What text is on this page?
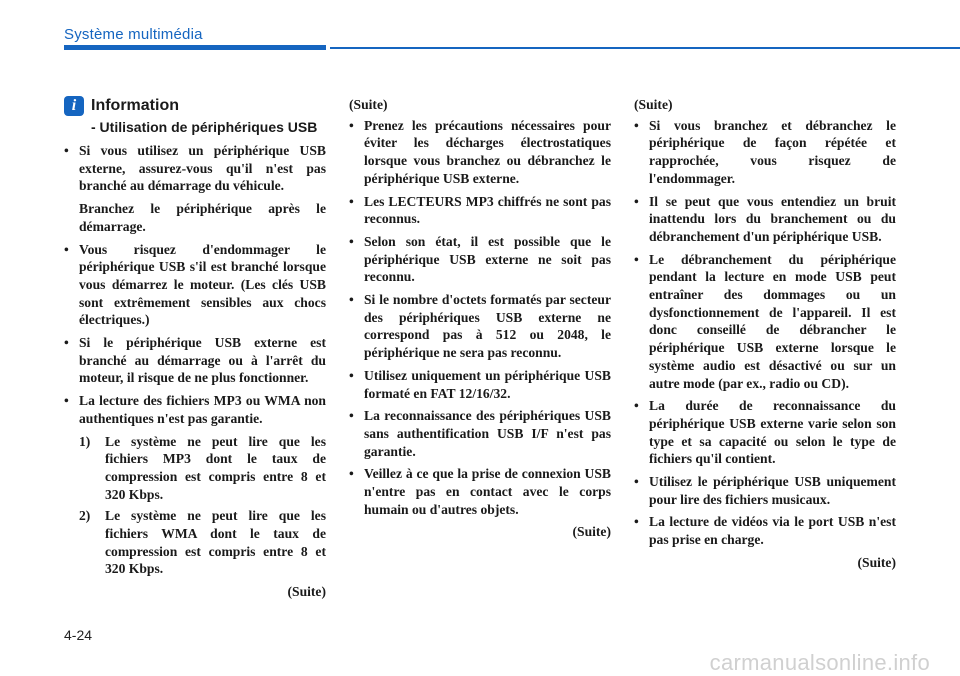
Système multimédia
i Information
- Utilisation de périphériques USB
• Si vous utilisez un périphérique USB externe, assurez-vous qu'il n'est pas branché au démarrage du véhicule.
Branchez le périphérique après le démarrage.
• Vous risquez d'endommager le périphérique USB s'il est branché lorsque vous démarrez le moteur. (Les clés USB sont extrêmement sensibles aux chocs électriques.)
• Si le périphérique USB externe est branché au démarrage ou à l'arrêt du moteur, il risque de ne plus fonctionner.
• La lecture des fichiers MP3 ou WMA non authentiques n'est pas garantie.
1) Le système ne peut lire que les fichiers MP3 dont le taux de compression est compris entre 8 et 320 Kbps.
2) Le système ne peut lire que les fichiers WMA dont le taux de compression est compris entre 8 et 320 Kbps.
(Suite)
(Suite)
• Prenez les précautions nécessaires pour éviter les décharges électrostatiques lorsque vous branchez ou débranchez le périphérique USB externe.
• Les LECTEURS MP3 chiffrés ne sont pas reconnus.
• Selon son état, il est possible que le périphérique USB externe ne soit pas reconnu.
• Si le nombre d'octets formatés par secteur des périphériques USB externe ne correspond pas à 512 ou 2048, le périphérique ne sera pas reconnu.
• Utilisez uniquement un périphérique USB formaté en FAT 12/16/32.
• La reconnaissance des périphériques USB sans authentification USB I/F n'est pas garantie.
• Veillez à ce que la prise de connexion USB n'entre pas en contact avec le corps humain ou d'autres objets.
(Suite)
(Suite)
• Si vous branchez et débranchez le périphérique de façon répétée et rapprochée, vous risquez de l'endommager.
• Il se peut que vous entendiez un bruit inattendu lors du branchement ou du débranchement d'un périphérique USB.
• Le débranchement du périphérique pendant la lecture en mode USB peut entraîner des dommages ou un dysfonctionnement de l'appareil. Il est donc conseillé de débrancher le périphérique USB externe lorsque le système audio est désactivé ou sur un autre mode (par ex., radio ou CD).
• La durée de reconnaissance du périphérique USB externe varie selon son type et sa capacité ou selon le type de fichiers qu'il contient.
• Utilisez le périphérique USB uniquement pour lire des fichiers musicaux.
• La lecture de vidéos via le port USB n'est pas prise en charge.
(Suite)
4-24
carmanualsonline.info
